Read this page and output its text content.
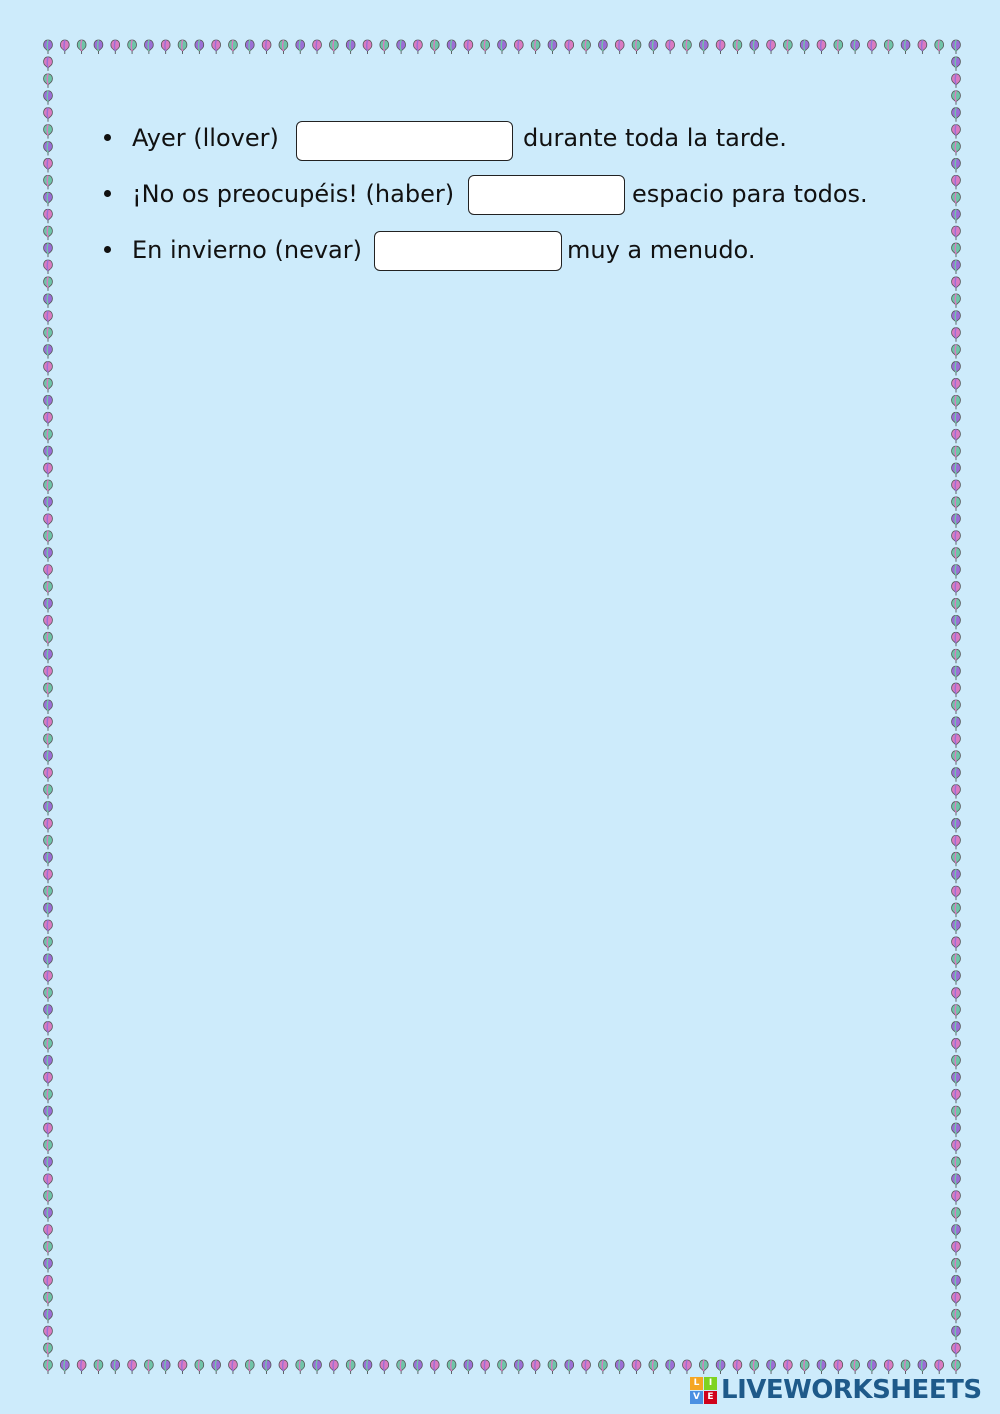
Ayer (llover)	durante toda la tarde.
¡No os preocupéis! (haber)	espacio para todos.
En invierno (nevar)	muy a menudo.
L	I
V E LIVEWORKSHEETS
